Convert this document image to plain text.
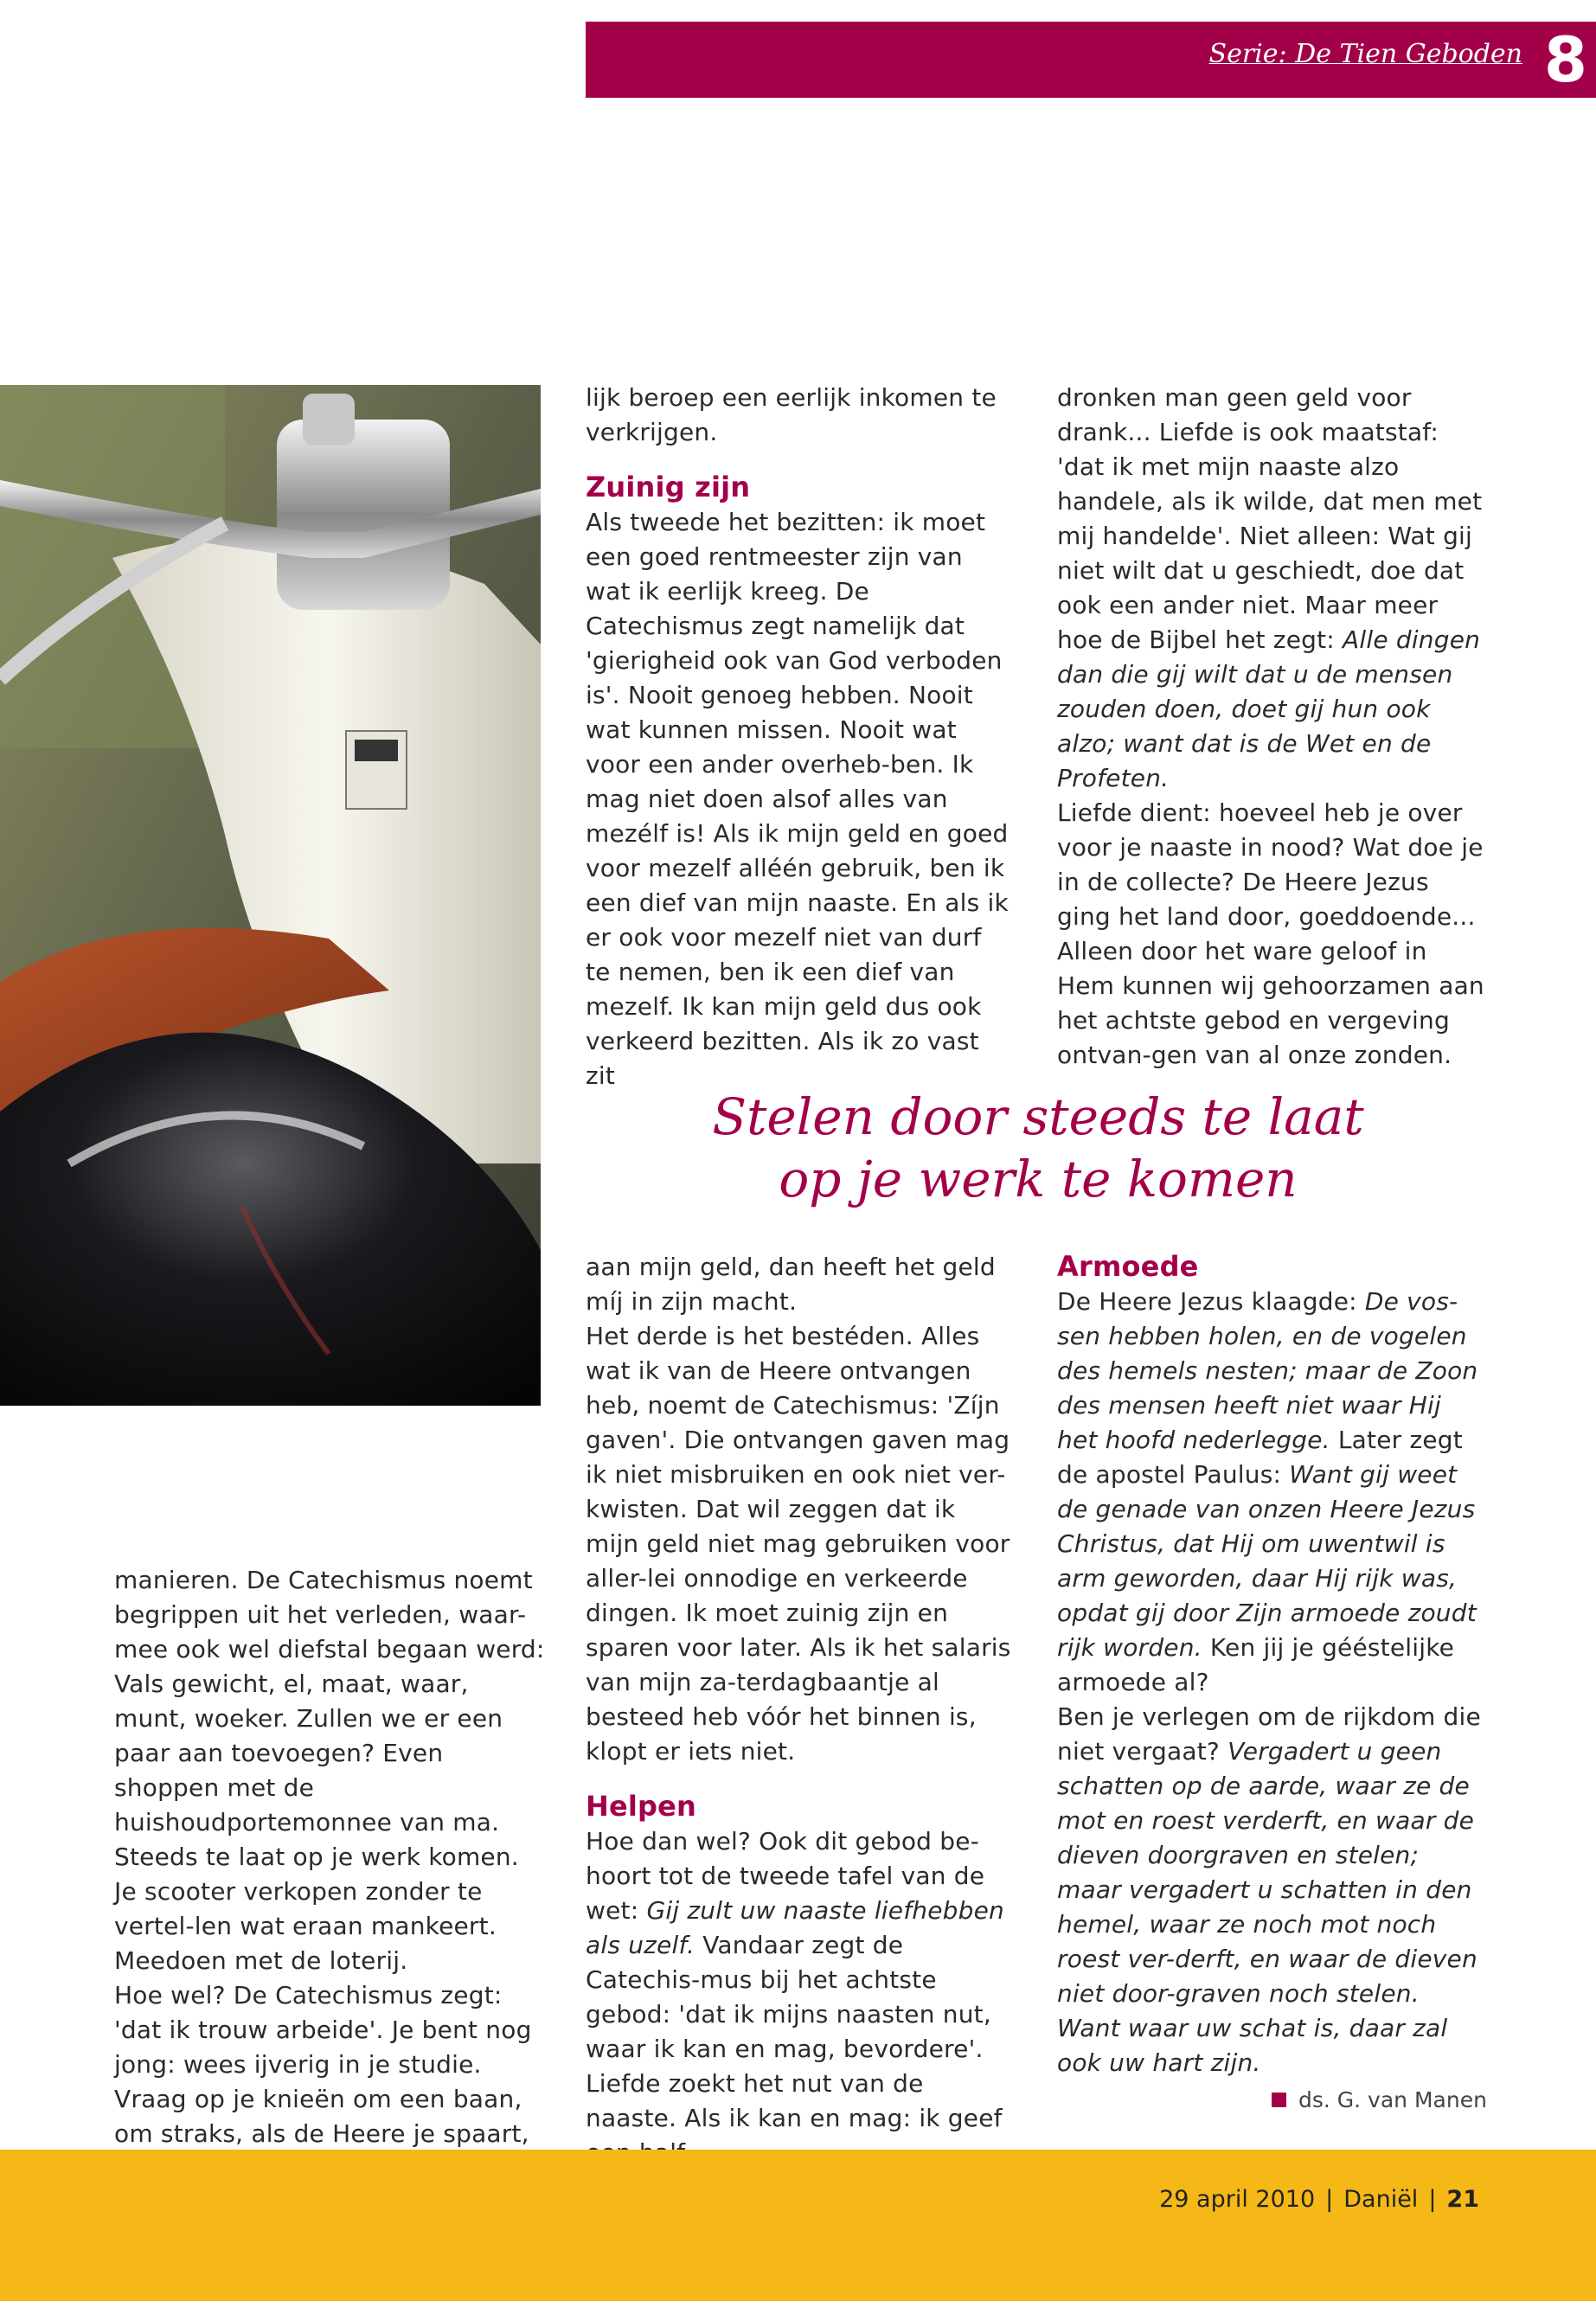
Serie: De Tien Geboden 8

lijk beroep een eerlijk inkomen te verkrijgen.

Zuinig zijn

Als tweede het bezitten: ik moet een goed rentmeester zijn van wat ik eerlijk kreeg. De Catechismus zegt namelijk dat 'gierigheid ook van God verboden is'. Nooit genoeg hebben. Nooit wat kunnen missen. Nooit wat voor een ander overheb-ben. Ik mag niet doen alsof alles van mezélf is! Als ik mijn geld en goed voor mezelf alléén gebruik, ben ik een dief van mijn naaste. En als ik er ook voor mezelf niet van durf te nemen, ben ik een dief van mezelf. Ik kan mijn geld dus ook verkeerd bezitten. Als ik zo vast zit

dronken man geen geld voor drank... Liefde is ook maatstaf: 'dat ik met mijn naaste alzo handele, als ik wilde, dat men met mij handelde'. Niet alleen: Wat gij niet wilt dat u geschiedt, doe dat ook een ander niet. Maar meer hoe de Bijbel het zegt: Alle dingen dan die gij wilt dat u de mensen zouden doen, doet gij hun ook alzo; want dat is de Wet en de Profeten.

Liefde dient: hoeveel heb je over voor je naaste in nood? Wat doe je in de collecte? De Heere Jezus ging het land door, goeddoende... Alleen door het ware geloof in Hem kunnen wij gehoorzamen aan het achtste gebod en vergeving ontvan-gen van al onze zonden.

Stelen door steeds te laat
op je werk te komen

manieren. De Catechismus noemt begrippen uit het verleden, waar-mee ook wel diefstal begaan werd: Vals gewicht, el, maat, waar, munt, woeker. Zullen we er een paar aan toevoegen? Even shoppen met de huishoudportemonnee van ma. Steeds te laat op je werk komen. Je scooter verkopen zonder te vertel-len wat eraan mankeert. Meedoen met de loterij.

Hoe wel? De Catechismus zegt: 'dat ik trouw arbeide'. Je bent nog jong: wees ijverig in je studie. Vraag op je knieën om een baan, om straks, als de Heere je spaart,

aan mijn geld, dan heeft het geld míj in zijn macht.

Het derde is het bestéden. Alles wat ik van de Heere ontvangen heb, noemt de Catechismus: 'Zíjn gaven'. Die ontvangen gaven mag ik niet misbruiken en ook niet ver-kwisten. Dat wil zeggen dat ik mijn geld niet mag gebruiken voor aller-lei onnodige en verkeerde dingen. Ik moet zuinig zijn en sparen voor later. Als ik het salaris van mijn za-terdagbaantje al besteed heb vóór het binnen is, klopt er iets niet.

Helpen

Hoe dan wel? Ook dit gebod be-hoort tot de tweede tafel van de wet: Gij zult uw naaste liefhebben als uzelf. Vandaar zegt de Catechis-mus bij het achtste gebod: 'dat ik mijns naasten nut, waar ik kan en mag, bevordere'.

Liefde zoekt het nut van de naaste. Als ik kan en mag: ik geef

Armoede

De Heere Jezus klaagde: De vos-sen hebben holen, en de vogelen des hemels nesten; maar de Zoon des mensen heeft niet waar Hij het hoofd nederlegge. Later zegt de apostel Paulus: Want gij weet de genade van onzen Heere Jezus Christus, dat Hij om uwentwil is arm geworden, daar Hij rijk was, opdat gij door Zijn armoede zoudt rijk worden. Ken jij je gééstelijke armoede al?

Ben je verlegen om de rijkdom die niet vergaat? Vergadert u geen schatten op de aarde, waar ze de mot en roest verderft, en waar de dieven doorgraven en stelen; maar vergadert u schatten in den hemel, waar ze noch mot noch roest ver-derft, en waar de dieven niet door-graven noch stelen. Want waar uw schat is, daar zal ook uw hart zijn.

ds. G. van Manen
29 april 2010 | Daniël | 21
